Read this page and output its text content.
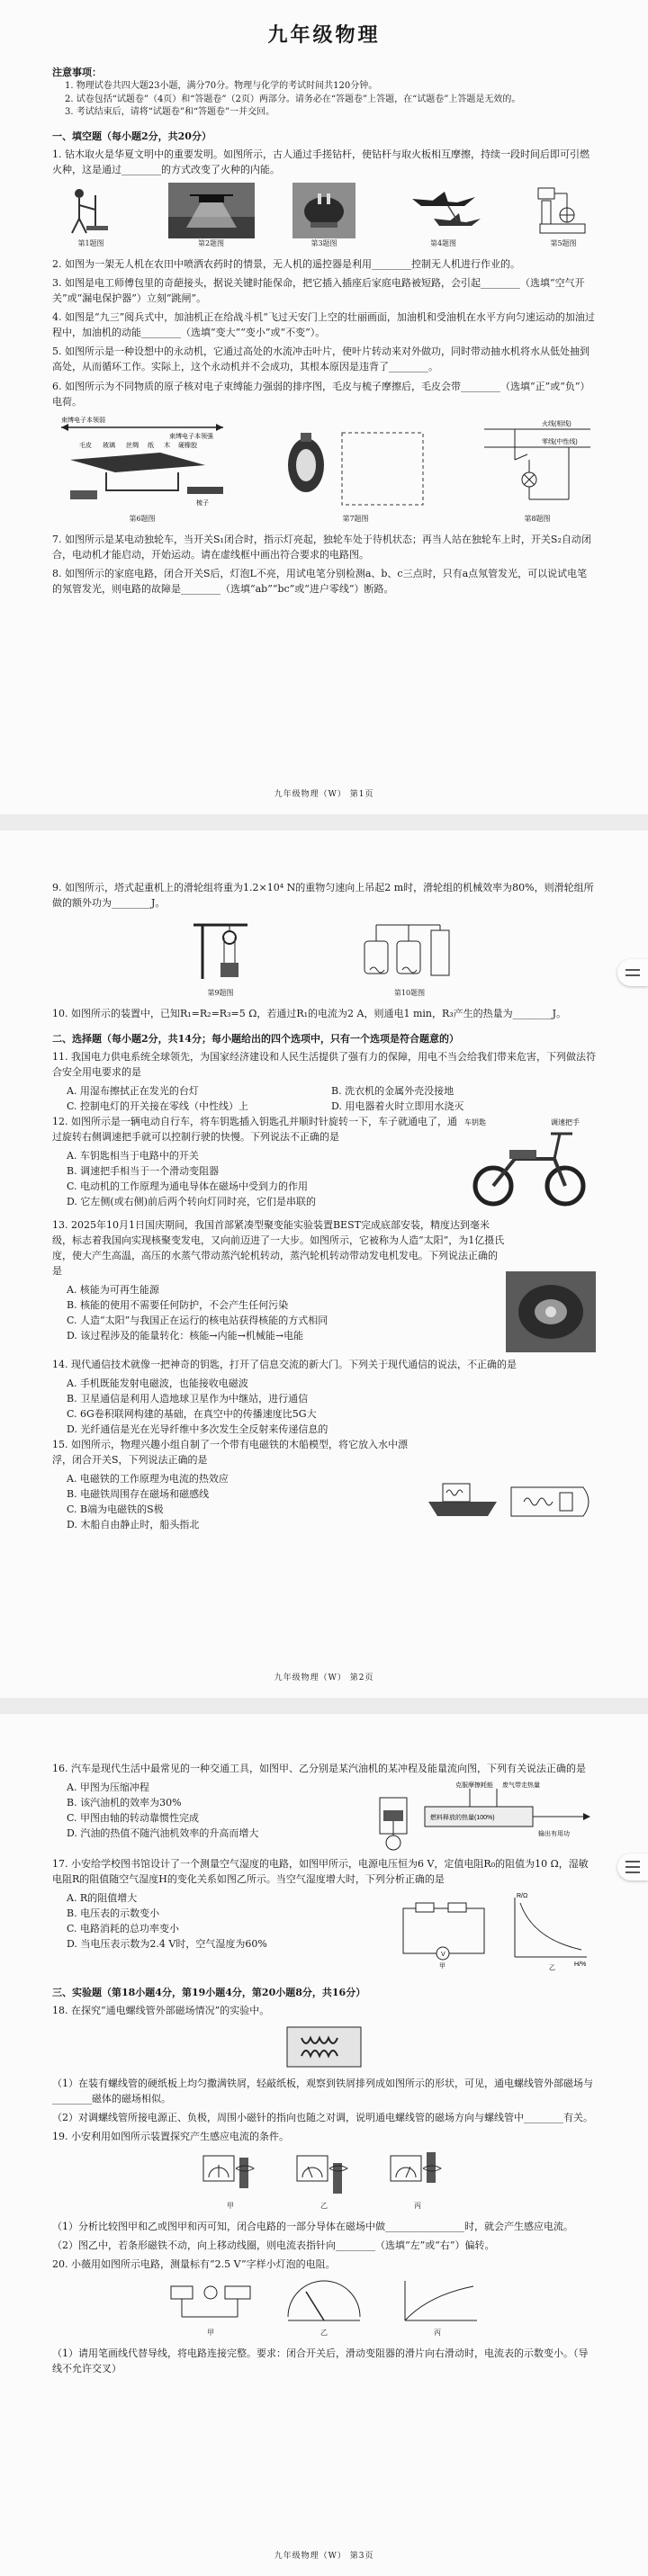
九年级物理
注意事项：
1. 物理试卷共四大题23小题，满分70分。物理与化学的考试时间共120分钟。
2. 试卷包括“试题卷”（4页）和“答题卷”（2页）两部分。请务必在“答题卷”上答题，在“试题卷”上答题是无效的。
3. 考试结束后，请将“试题卷”和“答题卷”一并交回。
一、填空题（每小题2分，共20分）
1. 钻木取火是华夏文明中的重要发明。如图所示，古人通过手搓钻杆，使钻杆与取火板相互摩擦，持续一段时间后即可引燃火种，这是通过________的方式改变了火种的内能。
第1题图	第2题图	第3题图	第4题图	第5题图
2. 如图为一架无人机在农田中喷洒农药时的情景，无人机的遥控器是利用________控制无人机进行作业的。
3. 如图是电工师傅包里的奇葩接头，据说关键时能保命，把它插入插座后家庭电路被短路，会引起________（选填“空气开关”或“漏电保护器”）立刻“跳闸”。
4. 如图是“九三”阅兵式中，加油机正在给战斗机“飞过天安门上空的壮丽画面，加油机和受油机在水平方向匀速运动的加油过程中，加油机的动能________（选填“变大”“变小”或“不变”）。
5. 如图所示是一种设想中的永动机，它通过高处的水流冲击叶片，使叶片转动来对外做功，同时带动抽水机将水从低处抽到高处，从而循环工作。实际上，这个永动机并不会成功，其根本原因是违背了________。
6. 如图所示为不同物质的原子核对电子束缚能力强弱的排序图，毛皮与梳子摩擦后，毛皮会带________（选填“正”或“负”）电荷。
束缚电子本领弱
束缚电子本领强
毛皮 玻璃 丝绸 纸 木 硬橡胶
梳子
第6题图	第7题图
火线(相线)
零线(中性线)
第8题图
7. 如图所示是某电动独轮车，当开关S₁闭合时，指示灯亮起，独轮车处于待机状态；再当人站在独轮车上时，开关S₂自动闭合，电动机才能启动，开始运动。请在虚线框中画出符合要求的电路图。
8. 如图所示的家庭电路，闭合开关S后，灯泡L不亮，用试电笔分别检测a、b、c三点时，只有a点氖管发光，可以说试电笔的氖管发光，则电路的故障是________（选填“ab”“bc”或“进户零线”）断路。
九年级物理（W） 第1页
9. 如图所示，塔式起重机上的滑轮组将重为1.2×10⁴ N的重物匀速向上吊起2 m时，滑轮组的机械效率为80%，则滑轮组所做的额外功为________J。
第9题图	第10题图
10. 如图所示的装置中，已知R₁=R₂=R₃=5 Ω，若通过R₁的电流为2 A，则通电1 min，R₃产生的热量为________J。
二、选择题（每小题2分，共14分；每小题给出的四个选项中，只有一个选项是符合题意的）
11. 我国电力供电系统全球领先，为国家经济建设和人民生活提供了强有力的保障，用电不当会给我们带来危害，下列做法符合安全用电要求的是
A. 用湿布擦拭正在发光的台灯	B. 洗衣机的金属外壳没接地
C. 控制电灯的开关接在零线（中性线）上	D. 用电器着火时立即用水浇灭
12. 如图所示是一辆电动自行车，将车钥匙插入钥匙孔并顺时针旋转一下，车子就通电了，通过旋转右侧调速把手就可以控制行驶的快慢。下列说法不正确的是
A. 车钥匙相当于电路中的开关
B. 调速把手相当于一个滑动变阻器
C. 电动机的工作原理为通电导体在磁场中受到力的作用
D. 它左侧(或右侧)前后两个转向灯同时亮，它们是串联的
车钥匙	调速把手
13. 2025年10月1日国庆期间，我国首部紧凑型聚变能实验装置BEST完成底部安装，精度达到毫米级，标志着我国向实现核聚变发电，又向前迈进了一大步。如图所示，它被称为人造“太阳”，为1亿摄氏度，使大产生高温，高压的水蒸气带动蒸汽轮机转动，蒸汽轮机转动带动发电机发电。下列说法正确的是
A. 核能为可再生能源
B. 核能的使用不需要任何防护，不会产生任何污染
C. 人造“太阳”与我国正在运行的核电站获得核能的方式相同
D. 该过程涉及的能量转化：核能→内能→机械能→电能
14. 现代通信技术就像一把神奇的钥匙，打开了信息交流的新大门。下列关于现代通信的说法，不正确的是
A. 手机既能发射电磁波，也能接收电磁波
B. 卫星通信是利用人造地球卫星作为中继站，进行通信
C. 6G卷积联网构建的基础，在真空中的传播速度比5G大
D. 光纤通信是光在光导纤维中多次发生全反射来传递信息的
15. 如图所示，物理兴趣小组自制了一个带有电磁铁的木船模型，将它放入水中漂浮，闭合开关S，下列说法正确的是
A. 电磁铁的工作原理为电流的热效应
B. 电磁铁周围存在磁场和磁感线
C. B端为电磁铁的S极
D. 木船自由静止时，船头指北
九年级物理（W） 第2页
16. 汽车是现代生活中最常见的一种交通工具，如图甲、乙分别是某汽油机的某冲程及能量流向图，下列有关说法正确的是
A. 甲图为压缩冲程
B. 该汽油机的效率为30%
C. 甲图由轴的转动靠惯性完成
D. 汽油的热值不随汽油机效率的升高而增大
燃料释放的热量(100%)
克服摩擦耗能 废气带走热量
输出有用功
17. 小安给学校图书馆设计了一个测量空气湿度的电路，如图甲所示，电源电压恒为6 V，定值电阻R₀的阻值为10 Ω，湿敏电阻R的阻值随空气湿度H的变化关系如图乙所示。当空气湿度增大时，下列分析正确的是
A. R的阻值增大
B. 电压表的示数变小
C. 电路消耗的总功率变小
D. 当电压表示数为2.4 V时，空气湿度为60%
V
甲
R/Ω
H/%
乙
三、实验题（第18小题4分，第19小题4分，第20小题8分，共16分）
18. 在探究“通电螺线管外部磁场情况”的实验中。
（1）在装有螺线管的硬纸板上均匀撒满铁屑，轻敲纸板，观察到铁屑排列成如图所示的形状，可见，通电螺线管外部磁场与________磁体的磁场相似。
（2）对调螺线管所接电源正、负极，周围小磁针的指向也随之对调，说明通电螺线管的磁场方向与螺线管中________有关。
19. 小安利用如图所示装置探究产生感应电流的条件。
甲	乙	丙
（1）分析比较图甲和乙或图甲和丙可知，闭合电路的一部分导体在磁场中做________________时，就会产生感应电流。
（2）图乙中，若条形磁铁不动，向上移动线圈，则电流表指针向________（选填“左”或“右”）偏转。
20. 小薇用如图所示电路，测量标有“2.5 V”字样小灯泡的电阻。
甲	乙	丙
（1）请用笔画线代替导线，将电路连接完整。要求：闭合开关后，滑动变阻器的滑片向右滑动时，电流表的示数变小。（导线不允许交叉）
九年级物理（W） 第3页
